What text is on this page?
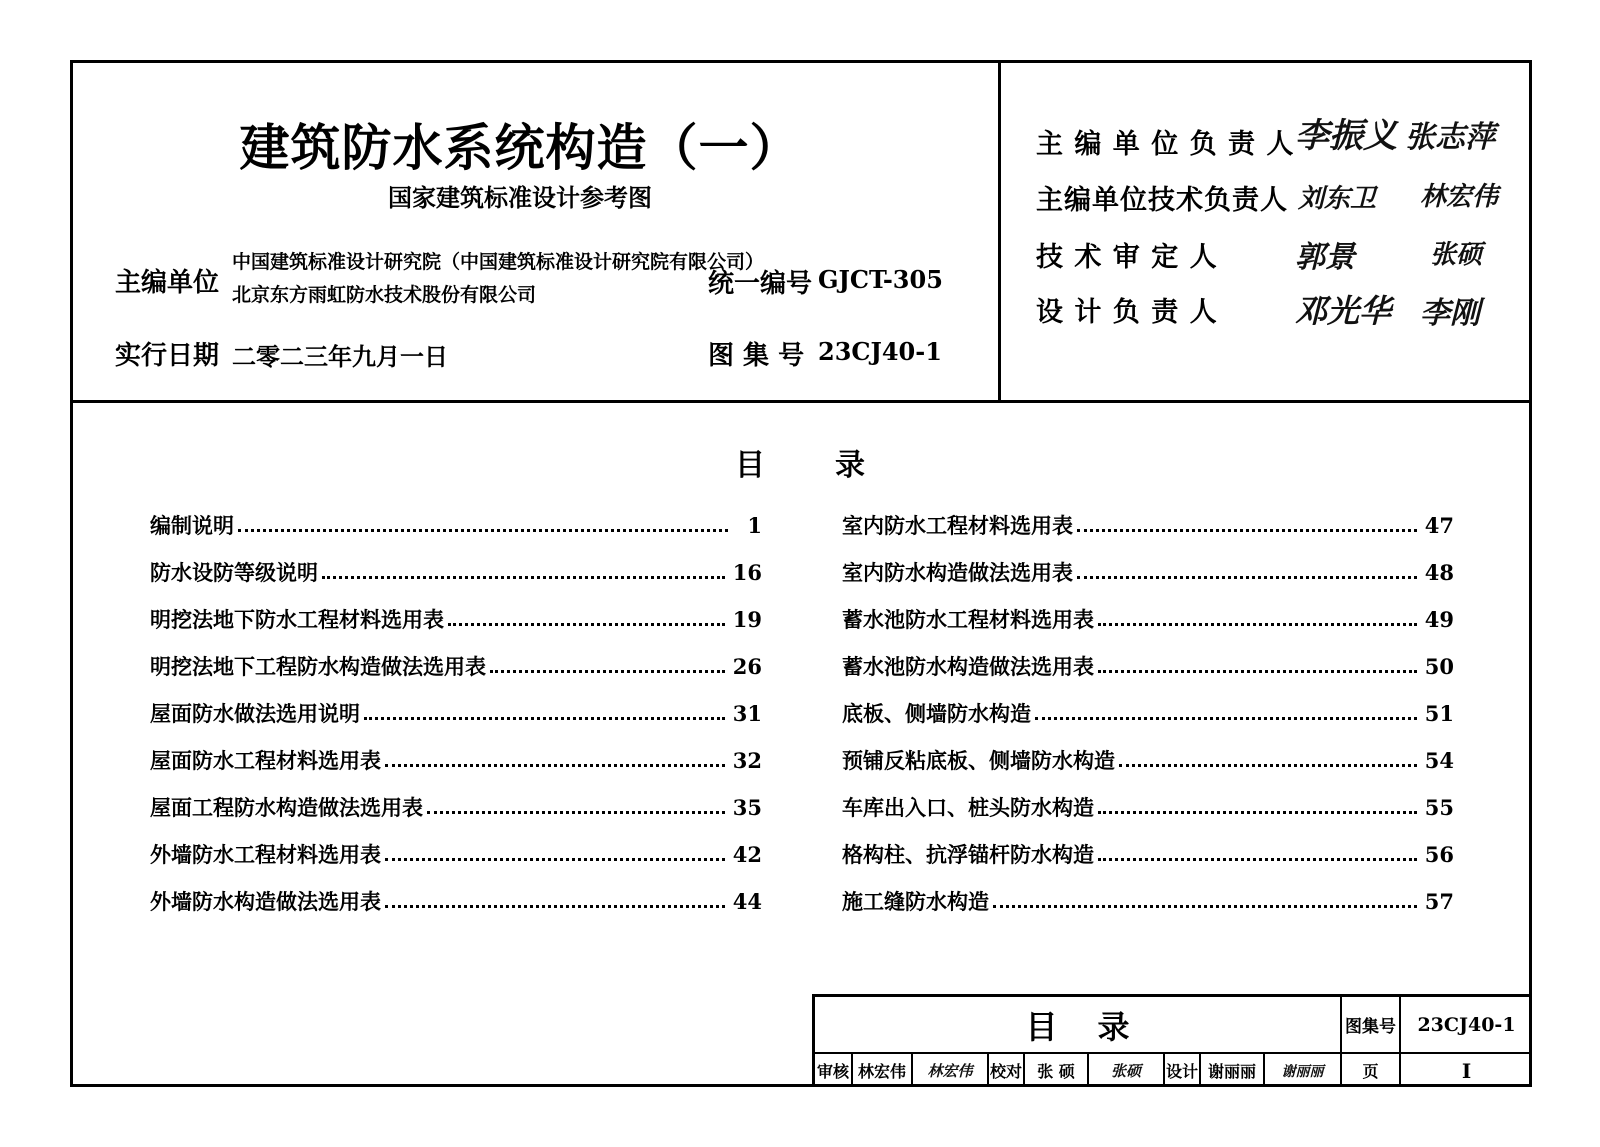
建筑防水系统构造（一）
国家建筑标准设计参考图
主编单位
中国建筑标准设计研究院（中国建筑标准设计研究院有限公司）
北京东方雨虹防水技术股份有限公司	统一编号 GJCT-305
实行日期 二零二三年九月一日	图 集 号 23CJ40-1
主 编 单 位 负 责 人 李振义 张志萍
主编单位技术负责人 刘东卫 林宏伟
技 术 审 定 人	郭景	张硕
设 计 负 责 人 邓光华 李刚
目录
编制说明	1
防水设防等级说明	16
明挖法地下防水工程材料选用表	19
明挖法地下工程防水构造做法选用表	26
屋面防水做法选用说明	31
屋面防水工程材料选用表	32
屋面工程防水构造做法选用表	35
外墙防水工程材料选用表	42
外墙防水构造做法选用表	44
室内防水工程材料选用表	47
室内防水构造做法选用表	48
蓄水池防水工程材料选用表	49
蓄水池防水构造做法选用表	50
底板、侧墙防水构造	51
预铺反粘底板、侧墙防水构造	54
车库出入口、桩头防水构造	55
格构柱、抗浮锚杆防水构造	56
施工缝防水构造	57
目录	图集号	23CJ40-1
审核 林宏伟	林宏伟	校对 张 硕	张硕	设计 谢丽丽	谢丽丽	页	I
